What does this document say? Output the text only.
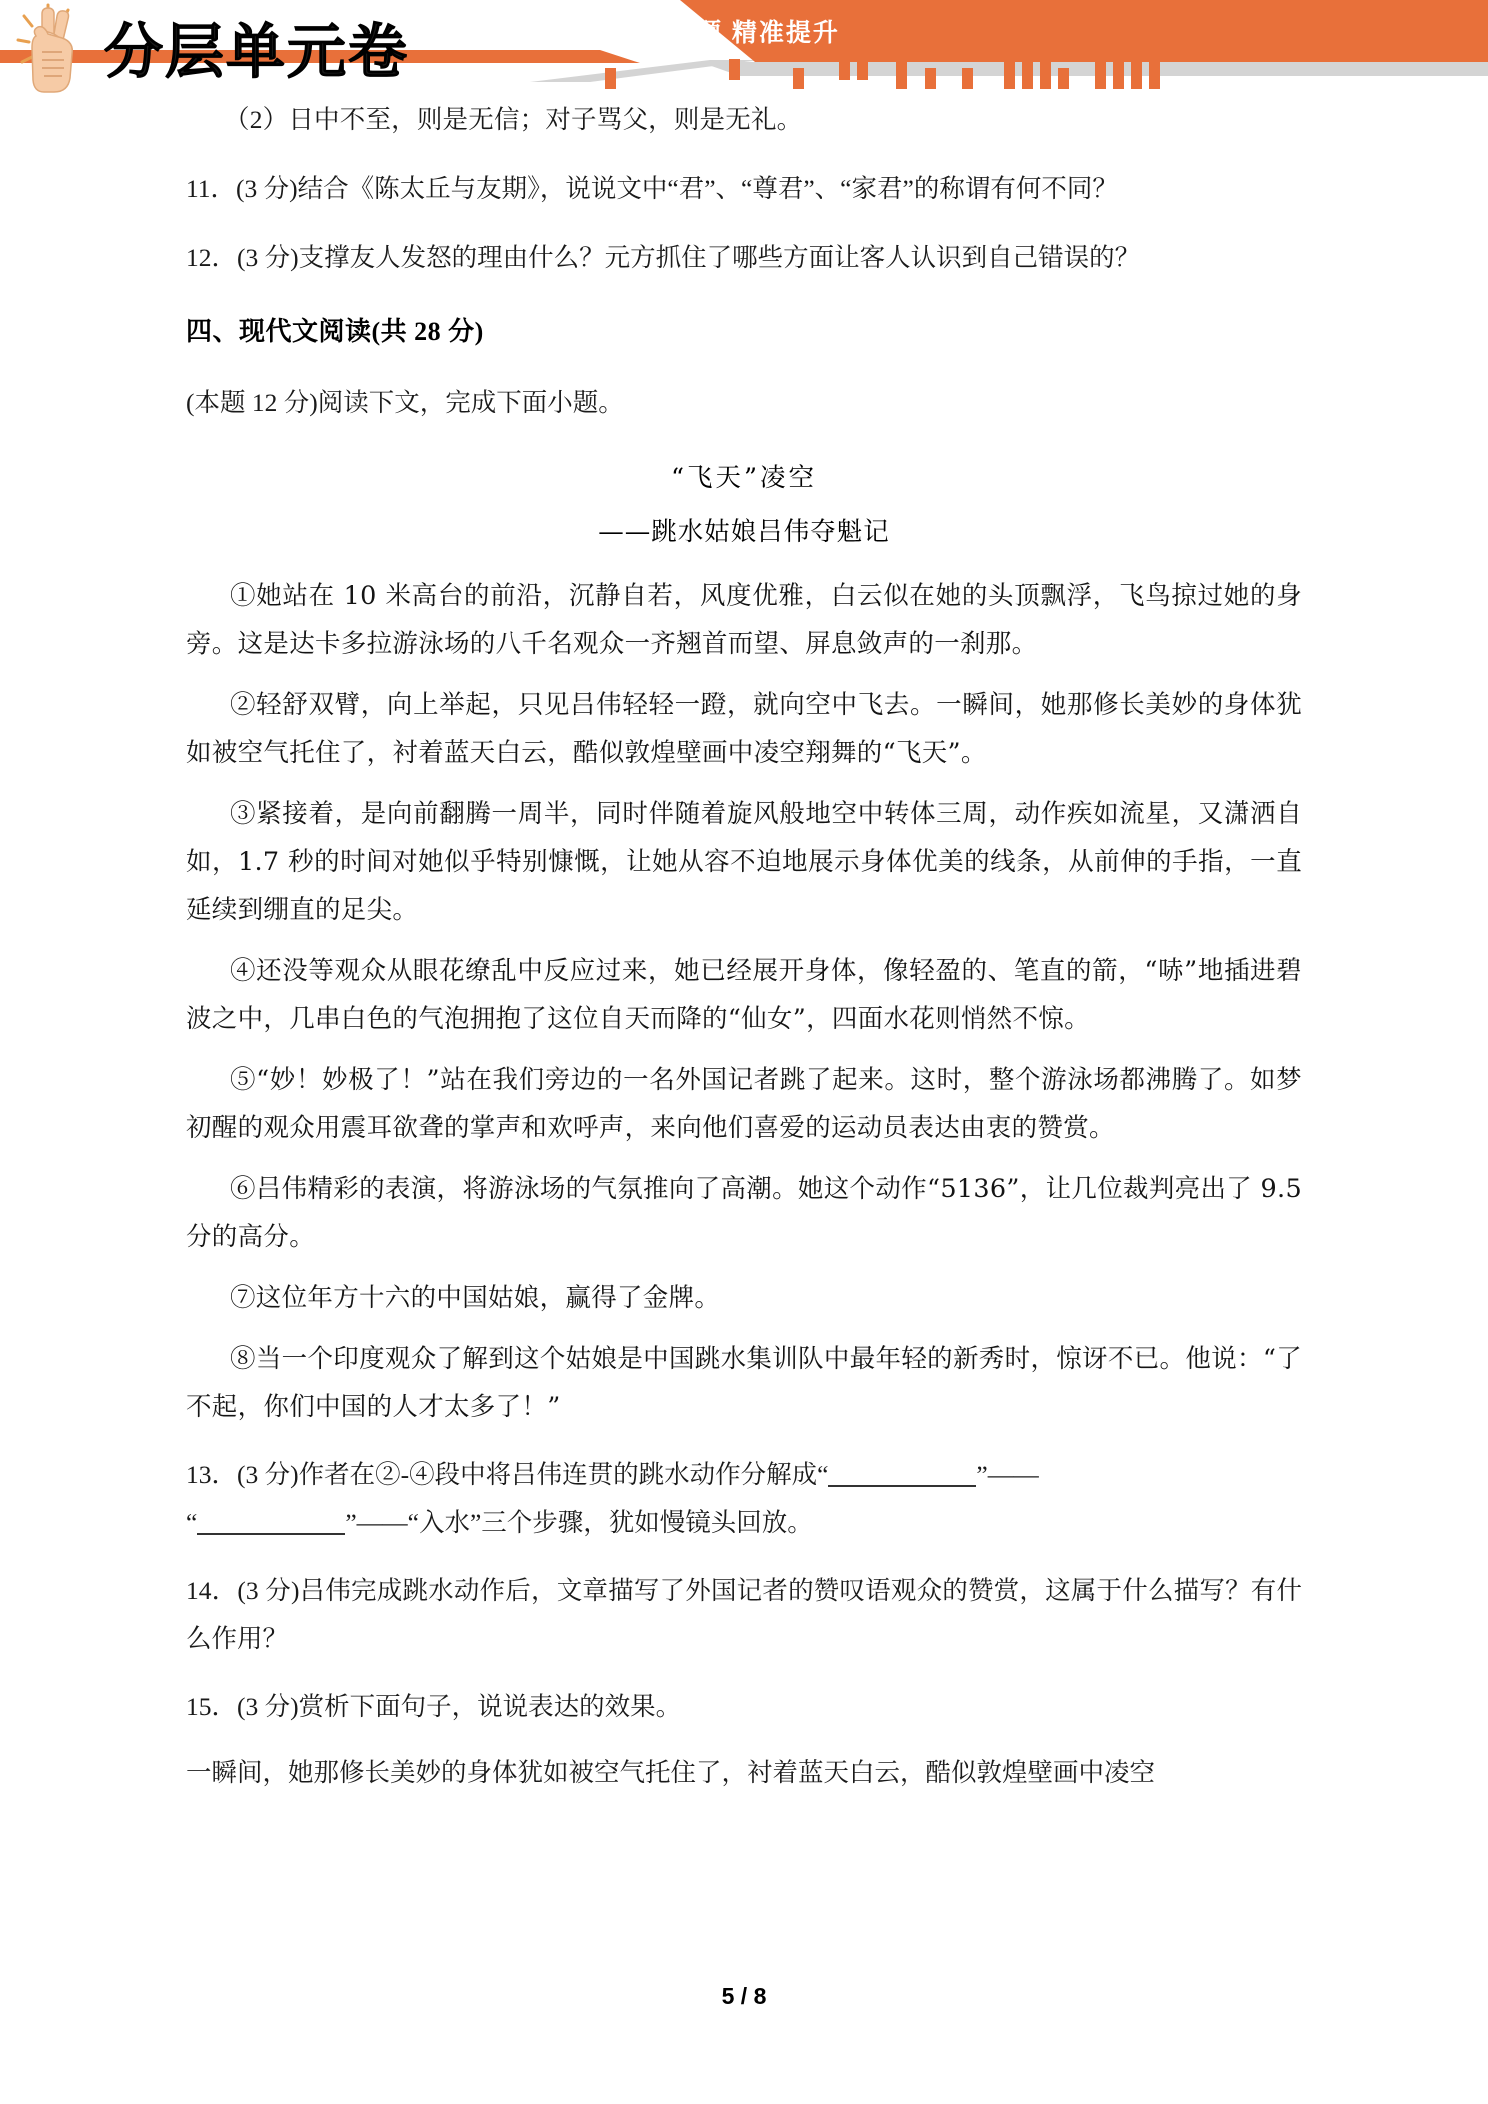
分层单元卷	名师伴学 分层好题 精准提升
（2）日中不至，则是无信；对子骂父，则是无礼。
11．(3 分)结合《陈太丘与友期》，说说文中“君”、“尊君”、“家君”的称谓有何不同？
12．(3 分)支撑友人发怒的理由什么？元方抓住了哪些方面让客人认识到自己错误的？
四、现代文阅读(共 28 分)
(本题 12 分)阅读下文，完成下面小题。
“飞天”凌空
——跳水姑娘吕伟夺魁记
①她站在 10 米高台的前沿，沉静自若，风度优雅，白云似在她的头顶飘浮，飞鸟掠过她的身旁。这是达卡多拉游泳场的八千名观众一齐翘首而望、屏息敛声的一刹那。
②轻舒双臂，向上举起，只见吕伟轻轻一蹬，就向空中飞去。一瞬间，她那修长美妙的身体犹如被空气托住了，衬着蓝天白云，酷似敦煌壁画中凌空翔舞的“飞天”。
③紧接着，是向前翻腾一周半，同时伴随着旋风般地空中转体三周，动作疾如流星，又潇洒自如，1.7 秒的时间对她似乎特别慷慨，让她从容不迫地展示身体优美的线条，从前伸的手指，一直延续到绷直的足尖。
④还没等观众从眼花缭乱中反应过来，她已经展开身体，像轻盈的、笔直的箭，“哧”地插进碧波之中，几串白色的气泡拥抱了这位自天而降的“仙女”，四面水花则悄然不惊。
⑤“妙！妙极了！”站在我们旁边的一名外国记者跳了起来。这时，整个游泳场都沸腾了。如梦初醒的观众用震耳欲聋的掌声和欢呼声，来向他们喜爱的运动员表达由衷的赞赏。
⑥吕伟精彩的表演，将游泳场的气氛推向了高潮。她这个动作“5136”，让几位裁判亮出了 9.5 分的高分。
⑦这位年方十六的中国姑娘，赢得了金牌。
⑧当一个印度观众了解到这个姑娘是中国跳水集训队中最年轻的新秀时，惊讶不已。他说：“了不起，你们中国的人才太多了！”
13．(3 分)作者在②-④段中将吕伟连贯的跳水动作分解成“	”——
“	”——“入水”三个步骤，犹如慢镜头回放。
14．(3 分)吕伟完成跳水动作后，文章描写了外国记者的赞叹语观众的赞赏，这属于什么描写？有什么作用？
15．(3 分)赏析下面句子，说说表达的效果。
一瞬间，她那修长美妙的身体犹如被空气托住了，衬着蓝天白云，酷似敦煌壁画中凌空
5 / 8
